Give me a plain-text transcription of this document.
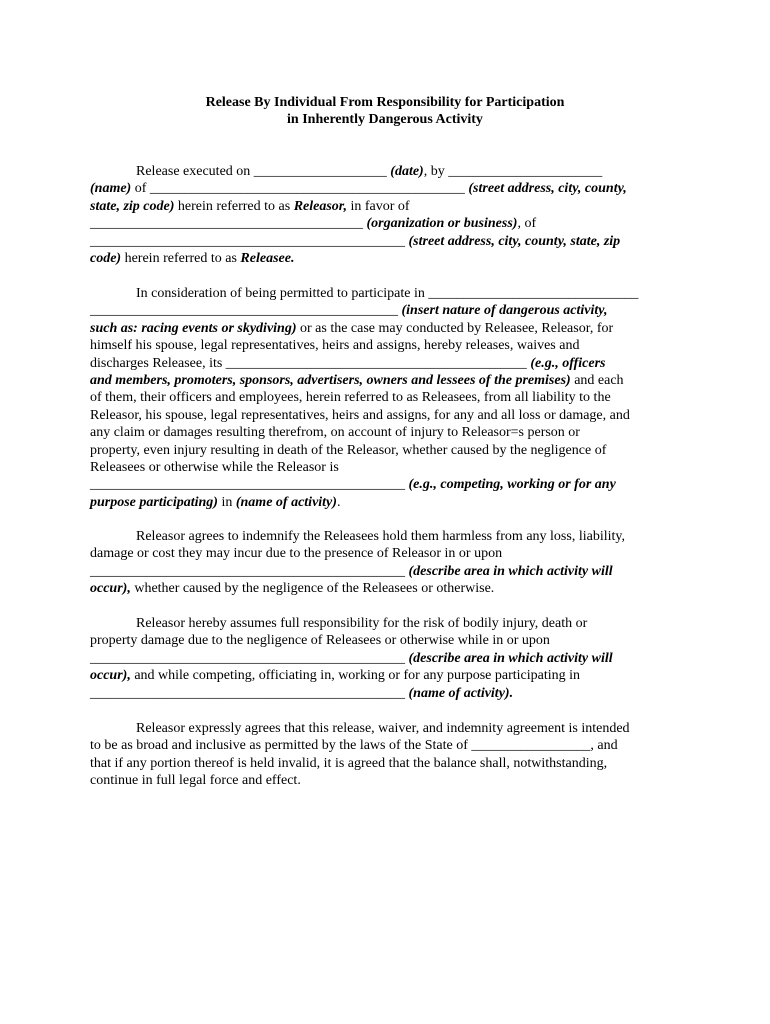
Release By Individual From Responsibility for Participation
in Inherently Dangerous Activity
Release executed on ___________________ (date), by ______________________
(name) of _____________________________________________ (street address, city, county,
state, zip code) herein referred to as Releasor, in favor of
_______________________________________ (organization or business), of
_____________________________________________ (street address, city, county, state, zip
code) herein referred to as Releasee.
In consideration of being permitted to participate in ______________________________
____________________________________________ (insert nature of dangerous activity,
such as: racing events or skydiving) or as the case may conducted by Releasee, Releasor, for
himself his spouse, legal representatives, heirs and assigns, hereby releases, waives and
discharges Releasee, its ___________________________________________ (e.g., officers
and members, promoters, sponsors, advertisers, owners and lessees of the premises) and each
of them, their officers and employees, herein referred to as Releasees, from all liability to the
Releasor, his spouse, legal representatives, heirs and assigns, for any and all loss or damage, and
any claim or damages resulting therefrom, on account of injury to Releasor=s person or
property, even injury resulting in death of the Releasor, whether caused by the negligence of
Releasees or otherwise while the Releasor is
_____________________________________________ (e.g., competing, working or for any
purpose participating) in (name of activity).
Releasor agrees to indemnify the Releasees hold them harmless from any loss, liability,
damage or cost they may incur due to the presence of Releasor in or upon
_____________________________________________ (describe area in which activity will
occur), whether caused by the negligence of the Releasees or otherwise.
Releasor hereby assumes full responsibility for the risk of bodily injury, death or
property damage due to the negligence of Releasees or otherwise while in or upon
_____________________________________________ (describe area in which activity will
occur), and while competing, officiating in, working or for any purpose participating in
_____________________________________________ (name of activity).
Releasor expressly agrees that this release, waiver, and indemnity agreement is intended
to be as broad and inclusive as permitted by the laws of the State of _________________, and
that if any portion thereof is held invalid, it is agreed that the balance shall, notwithstanding,
continue in full legal force and effect.
